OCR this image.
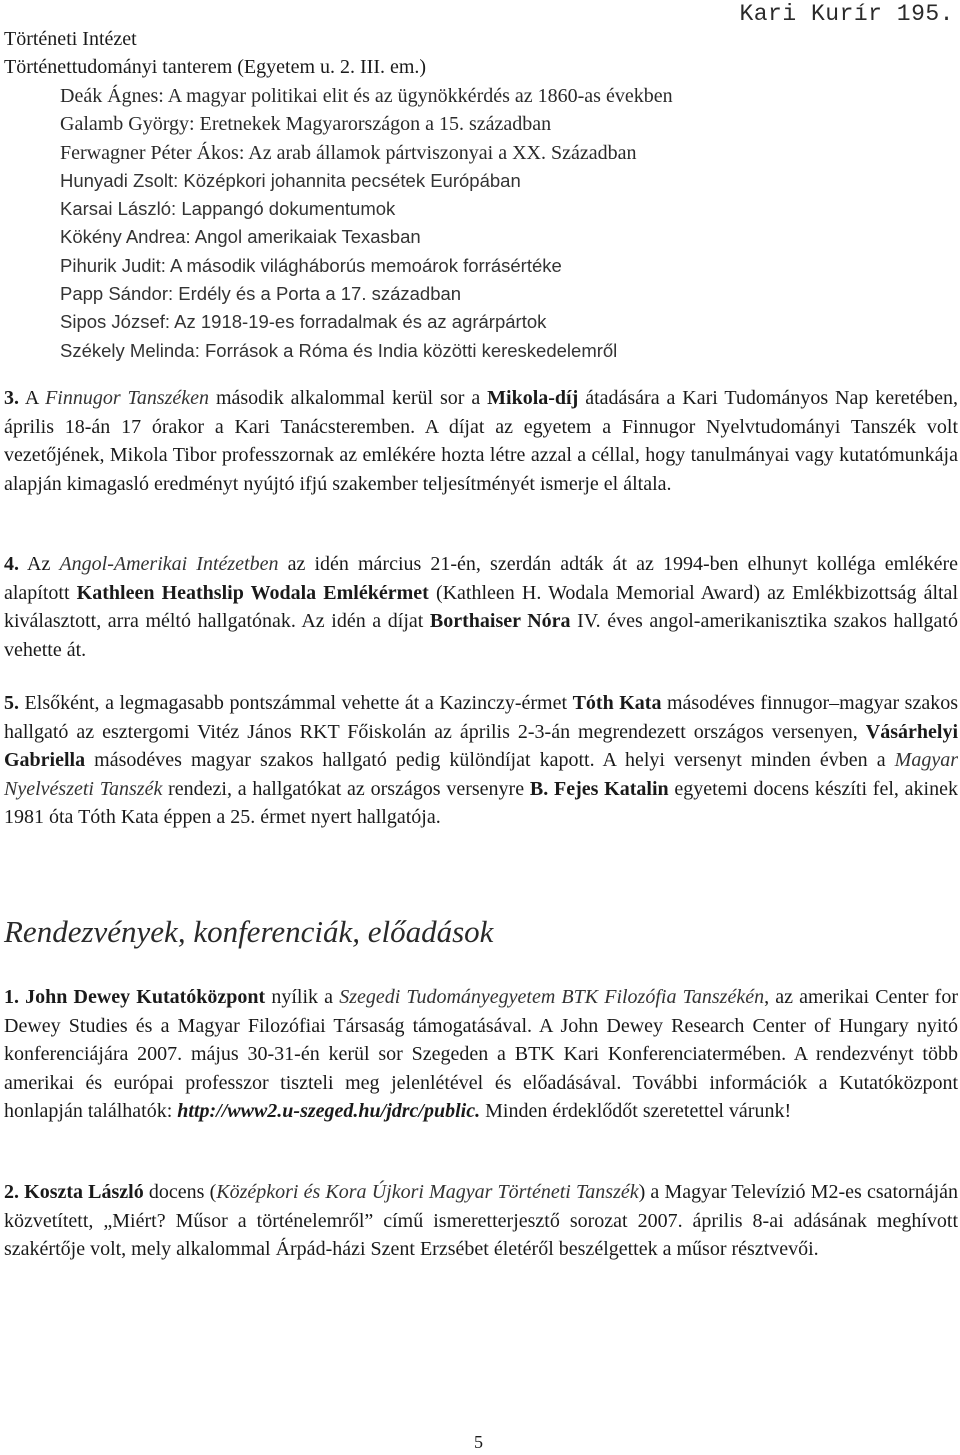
Kari Kurír 195.
Történeti Intézet
Történettudományi tanterem (Egyetem u. 2. III. em.)
Deák Ágnes: A magyar politikai elit és az ügynökkérdés az 1860-as években
Galamb György: Eretnekek Magyarországon a 15. században
Ferwagner Péter Ákos: Az arab államok pártviszonyai a XX. Században
Hunyadi Zsolt: Középkori johannita pecsétek Európában
Karsai László: Lappangó dokumentumok
Kökény Andrea: Angol amerikaiak Texasban
Pihurik Judit: A második világháborús memoárok forrásértéke
Papp Sándor: Erdély és a Porta a 17. században
Sipos József: Az 1918-19-es forradalmak és az agrárpártok
Székely Melinda: Források a Róma és India közötti kereskedelemről

3. A Finnugor Tanszéken második alkalommal kerül sor a Mikola-díj átadására a Kari Tudományos Nap keretében, április 18-án 17 órakor a Kari Tanácsteremben. A díjat az egyetem a Finnugor Nyelvtudományi Tanszék volt vezetőjének, Mikola Tibor professzornak az emlékére hozta létre azzal a céllal, hogy tanulmányai vagy kutatómunkája alapján kimagasló eredményt nyújtó ifjú szakember teljesítményét ismerje el általa.

4. Az Angol-Amerikai Intézetben az idén március 21-én, szerdán adták át az 1994-ben elhunyt kolléga emlékére alapított Kathleen Heathslip Wodala Emlékérmet (Kathleen H. Wodala Memorial Award) az Emlékbizottság által kiválasztott, arra méltó hallgatónak. Az idén a díjat Borthaiser Nóra IV. éves angol-amerikanisztika szakos hallgató vehette át.

5. Elsőként, a legmagasabb pontszámmal vehette át a Kazinczy-érmet Tóth Kata másodéves finnugor–magyar szakos hallgató az esztergomi Vitéz János RKT Főiskolán az április 2-3-án megrendezett országos versenyen, Vásárhelyi Gabriella másodéves magyar szakos hallgató pedig különdíjat kapott. A helyi versenyt minden évben a Magyar Nyelvészeti Tanszék rendezi, a hallgatókat az országos versenyre B. Fejes Katalin egyetemi docens készíti fel, akinek 1981 óta Tóth Kata éppen a 25. érmet nyert hallgatója.

Rendezvények, konferenciák, előadások

1. John Dewey Kutatóközpont nyílik a Szegedi Tudományegyetem BTK Filozófia Tanszékén, az amerikai Center for Dewey Studies és a Magyar Filozófiai Társaság támogatásával. A John Dewey Research Center of Hungary nyitó konferenciájára 2007. május 30-31-én kerül sor Szegeden a BTK Kari Konferenciatermében. A rendezvényt több amerikai és európai professzor tiszteli meg jelenlétével és előadásával. További információk a Kutatóközpont honlapján találhatók: http://www2.u-szeged.hu/jdrc/public. Minden érdeklődőt szeretettel várunk!

2. Koszta László docens (Középkori és Kora Újkori Magyar Történeti Tanszék) a Magyar Televízió M2-es csatornáján közvetített, „Miért? Műsor a történelemről” című ismeretterjesztő sorozat 2007. április 8-ai adásának meghívott szakértője volt, mely alkalommal Árpád-házi Szent Erzsébet életéről beszélgettek a műsor résztvevői.

5
